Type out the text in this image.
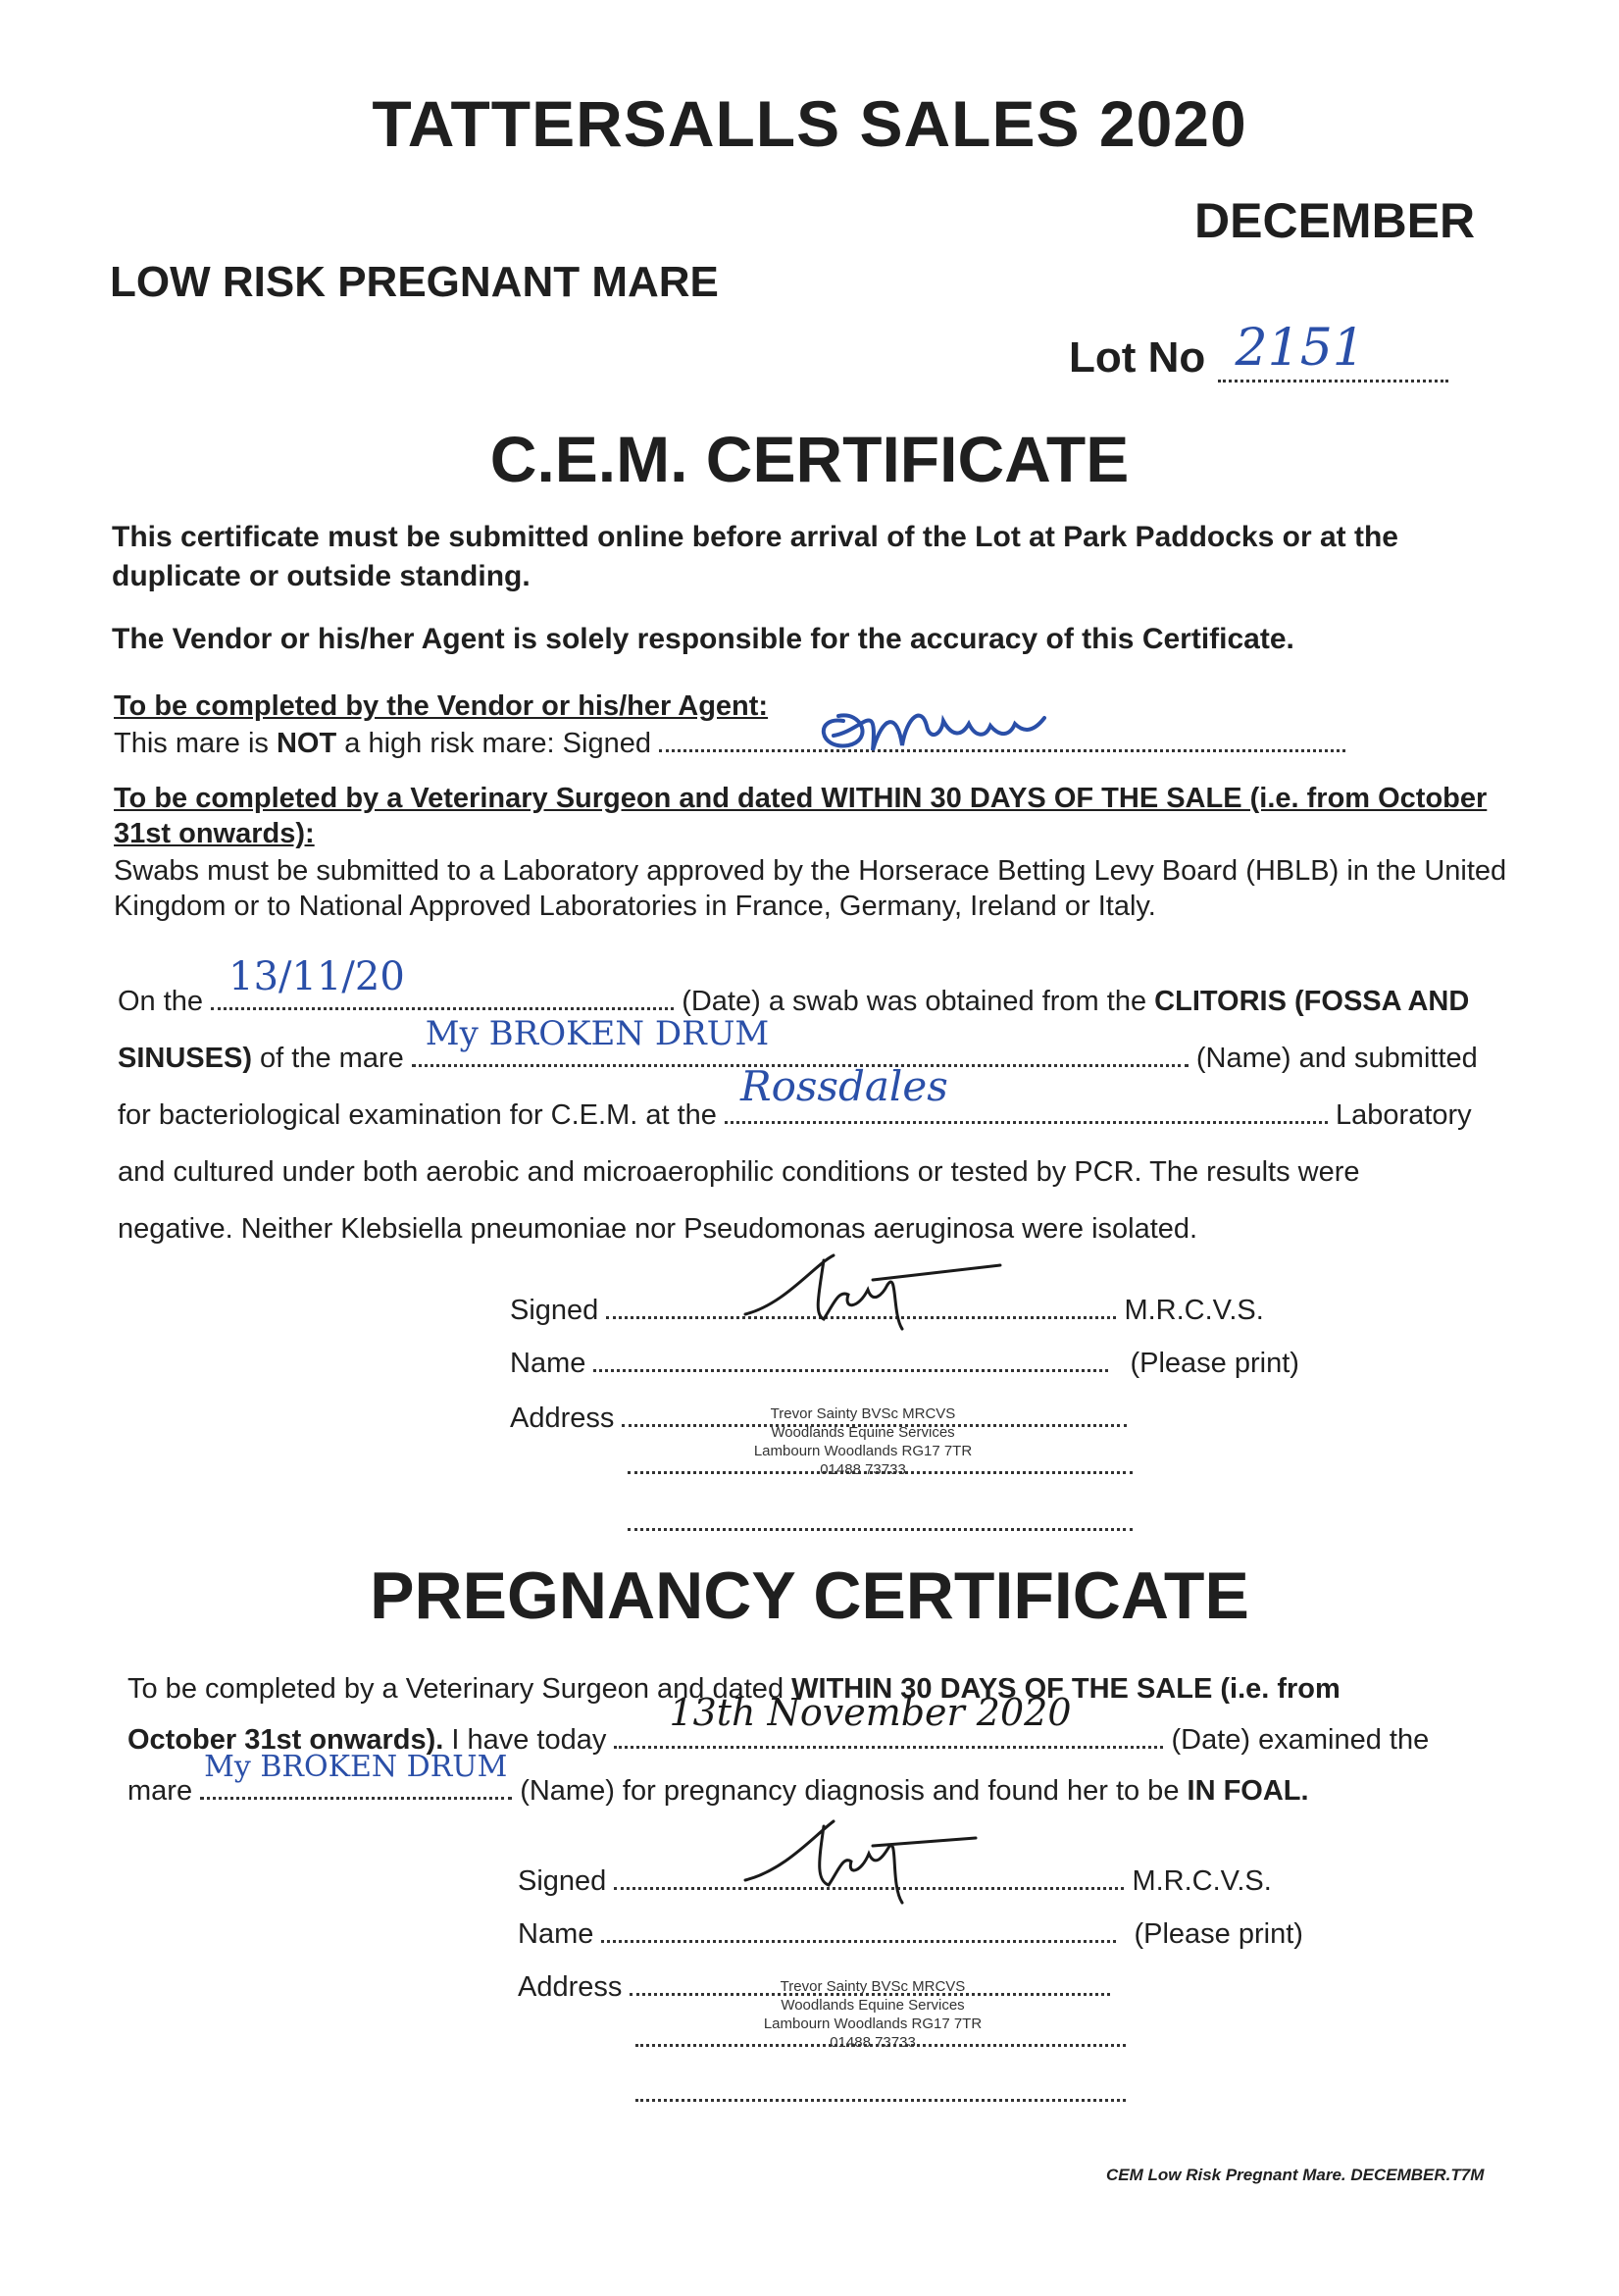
TATTERSALLS SALES 2020
DECEMBER
LOW RISK PREGNANT MARE
Lot No 2151
C.E.M. CERTIFICATE
This certificate must be submitted online before arrival of the Lot at Park Paddocks or at the duplicate or outside standing.
The Vendor or his/her Agent is solely responsible for the accuracy of this Certificate.
To be completed by the Vendor or his/her Agent:
This mare is NOT a high risk mare: Signed
To be completed by a Veterinary Surgeon and dated WITHIN 30 DAYS OF THE SALE (i.e. from October 31st onwards):
Swabs must be submitted to a Laboratory approved by the Horserace Betting Levy Board (HBLB) in the United Kingdom or to National Approved Laboratories in France, Germany, Ireland or Italy.
On the
13/11/20
(Date) a swab was obtained from the CLITORIS (FOSSA AND
SINUSES) of the mare
My BROKEN DRUM
(Name) and submitted
for bacteriological examination for C.E.M. at the
Rossdales
Laboratory
and cultured under both aerobic and microaerophilic conditions or tested by PCR. The results were
negative. Neither Klebsiella pneumoniae nor Pseudomonas aeruginosa were isolated.
Signed	M.R.C.V.S.
Name	(Please print)
Address	Trevor Sainty BVSc MRCVS
Woodlands Equine Services
Lambourn Woodlands RG17 7TR
01488 73733
PREGNANCY CERTIFICATE
To be completed by a Veterinary Surgeon and dated WITHIN 30 DAYS OF THE SALE (i.e. from
October 31st onwards). I have today
13th November 2020
(Date) examined the
mare
My BROKEN DRUM
(Name) for pregnancy diagnosis and found her to be IN FOAL.
Signed	M.R.C.V.S.
Name	(Please print)
Address	Trevor Sainty BVSc MRCVS
Woodlands Equine Services
Lambourn Woodlands RG17 7TR
01488 73733
CEM Low Risk Pregnant Mare. DECEMBER.T7M
